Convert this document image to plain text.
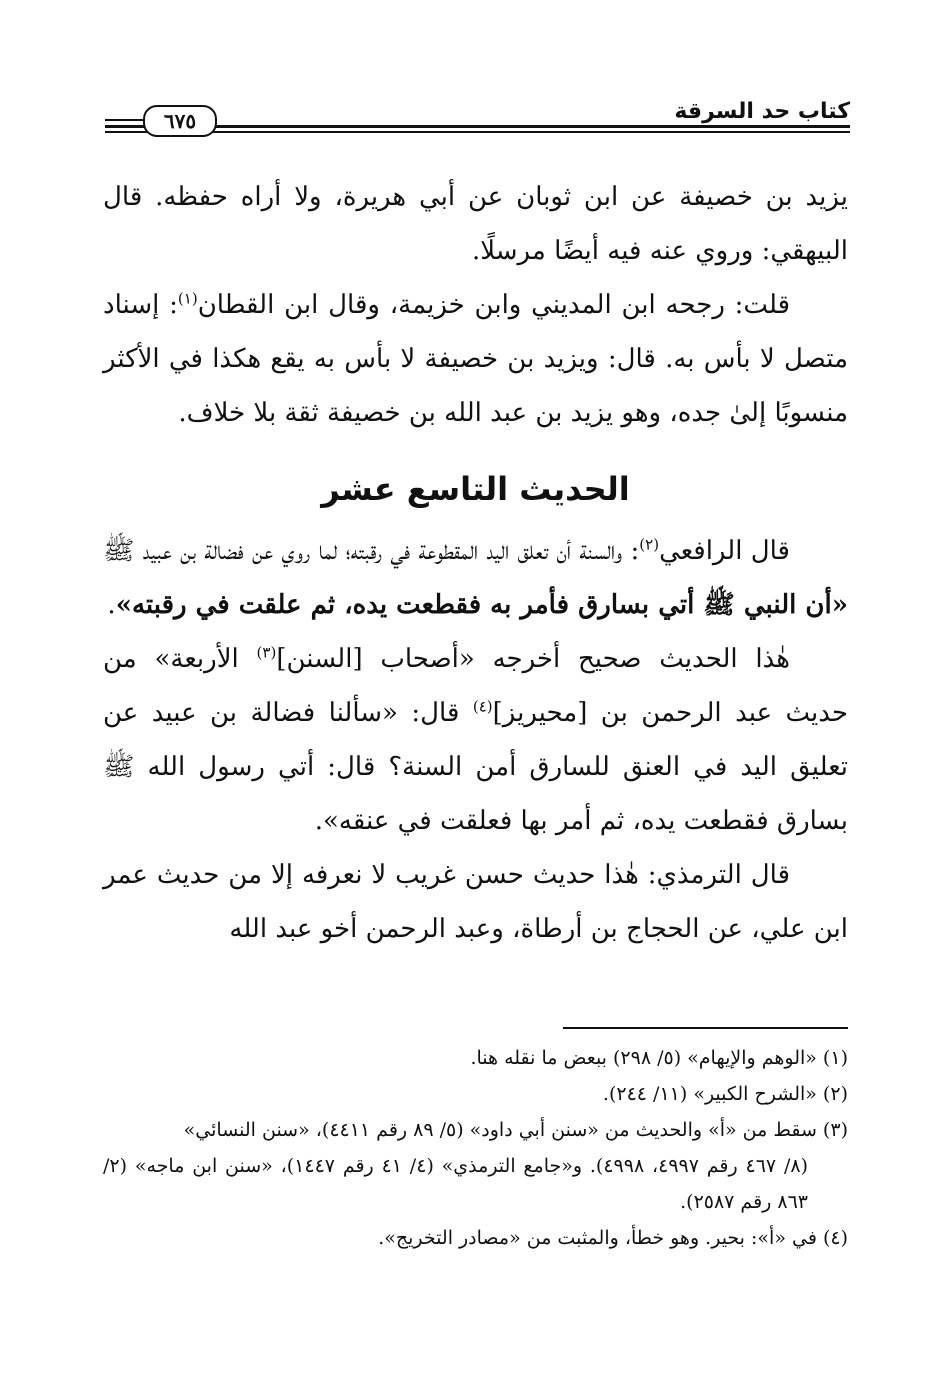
كتاب حد السرقة
٦٧٥

يزيد بن خصيفة عن ابن ثوبان عن أبي هريرة، ولا أراه حفظه. قال البيهقي: وروي عنه فيه أيضًا مرسلًا.

قلت: رجحه ابن المديني وابن خزيمة، وقال ابن القطان$^{(١)}$: إسناد متصل لا بأس به. قال: ويزيد بن خصيفة لا بأس به يقع هكذا في الأكثر منسوبًا إلىٰ جده، وهو يزيد بن عبد الله بن خصيفة ثقة بلا خلاف.

الحديث التاسع عشر

قال الرافعي$^{(٢)}$: والسنة أن تعلق اليد المقطوعة في رقبته؛ لما روي عن فضالة بن عبيد ﷺ «أن النبي ﷺ أتي بسارق فأمر به فقطعت يده، ثم علقت في رقبته».

هٰذا الحديث صحيح أخرجه «أصحاب [السنن]$^{(٣)}$ الأربعة» من حديث عبد الرحمن بن [محيريز]$^{(٤)}$ قال: «سألنا فضالة بن عبيد عن تعليق اليد في العنق للسارق أمن السنة؟ قال: أتي رسول الله ﷺ بسارق فقطعت يده، ثم أمر بها فعلقت في عنقه».

قال الترمذي: هٰذا حديث حسن غريب لا نعرفه إلا من حديث عمر ابن علي، عن الحجاج بن أرطاة، وعبد الرحمن أخو عبد الله

(١) «الوهم والإيهام» (٥/ ٢٩٨) ببعض ما نقله هنا.

(٢) «الشرح الكبير» (١١/ ٢٤٤).

(٣) سقط من «أ» والحديث من «سنن أبي داود» (٥/ ٨٩ رقم ٤٤١١)، «سنن النسائي»

(٨/ ٤٦٧ رقم ٤٩٩٧، ٤٩٩٨). و«جامع الترمذي» (٤/ ٤١ رقم ١٤٤٧)، «سنن ابن ماجه» (٢/ ٨٦٣ رقم ٢٥٨٧).

(٤) في «أ»: بحير. وهو خطأ، والمثبت من «مصادر التخريج».
